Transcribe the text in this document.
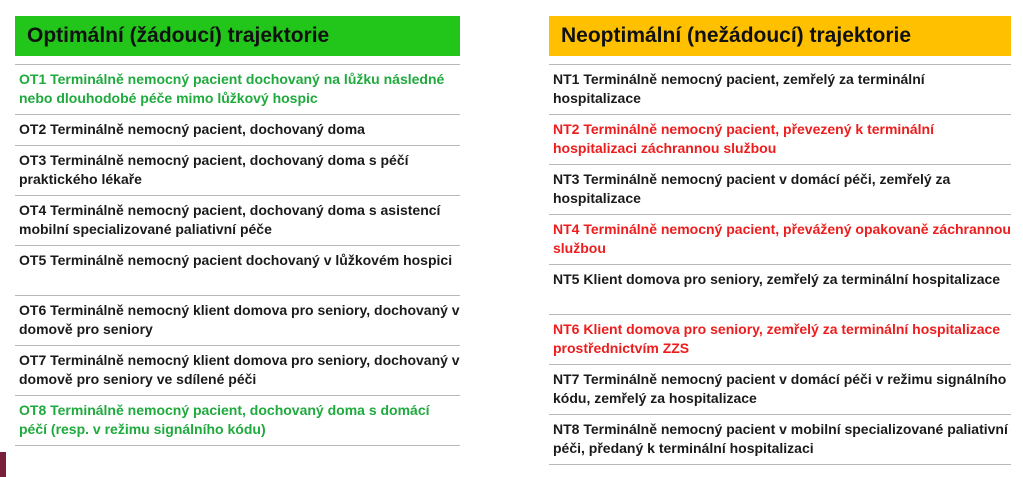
Optimální (žádoucí) trajektorie
OT1 Terminálně nemocný pacient dochovaný na lůžku následné nebo dlouhodobé péče mimo lůžkový hospic
OT2 Terminálně nemocný pacient, dochovaný doma
OT3 Terminálně nemocný pacient, dochovaný doma s péčí praktického lékaře
OT4 Terminálně nemocný pacient, dochovaný doma s asistencí mobilní specializované paliativní péče
OT5 Terminálně nemocný pacient dochovaný v lůžkovém hospici
OT6 Terminálně nemocný klient domova pro seniory, dochovaný v domově pro seniory
OT7 Terminálně nemocný klient domova pro seniory, dochovaný v domově pro seniory ve sdílené péči
OT8 Terminálně nemocný pacient, dochovaný doma s domácí péčí (resp. v režimu signálního kódu)
Neoptimální (nežádoucí) trajektorie
NT1 Terminálně nemocný pacient, zemřelý za terminální hospitalizace
NT2 Terminálně nemocný pacient, převezený k terminální hospitalizaci záchrannou službou
NT3 Terminálně nemocný pacient v domácí péči, zemřelý za hospitalizace
NT4 Terminálně nemocný pacient, převážený opakovaně záchrannou službou
NT5 Klient domova pro seniory, zemřelý za terminální hospitalizace
NT6 Klient domova pro seniory, zemřelý za terminální hospitalizace prostřednictvím ZZS
NT7 Terminálně nemocný pacient v domácí péči v režimu signálního kódu, zemřelý za hospitalizace
NT8 Terminálně nemocný pacient v mobilní specializované paliativní péči, předaný k terminální hospitalizaci
